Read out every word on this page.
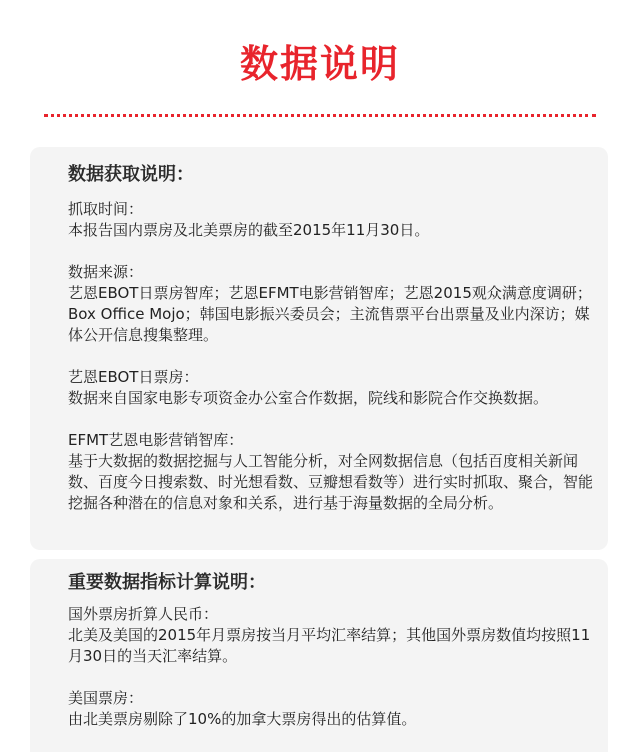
数据说明
数据获取说明：
抓取时间：
本报告国内票房及北美票房的截至2015年11月30日。
数据来源：
艺恩EBOT日票房智库；艺恩EFMT电影营销智库；艺恩2015观众满意度调研；Box Office Mojo；韩国电影振兴委员会；主流售票平台出票量及业内深访；媒体公开信息搜集整理。
艺恩EBOT日票房：
数据来自国家电影专项资金办公室合作数据，院线和影院合作交换数据。
EFMT艺恩电影营销智库：
基于大数据的数据挖掘与人工智能分析，对全网数据信息（包括百度相关新闻数、百度今日搜索数、时光想看数、豆瓣想看数等）进行实时抓取、聚合，智能挖掘各种潜在的信息对象和关系，进行基于海量数据的全局分析。
重要数据指标计算说明：
国外票房折算人民币：
北美及美国的2015年月票房按当月平均汇率结算；其他国外票房数值均按照11月30日的当天汇率结算。
美国票房：
由北美票房剔除了10%的加拿大票房得出的估算值。
